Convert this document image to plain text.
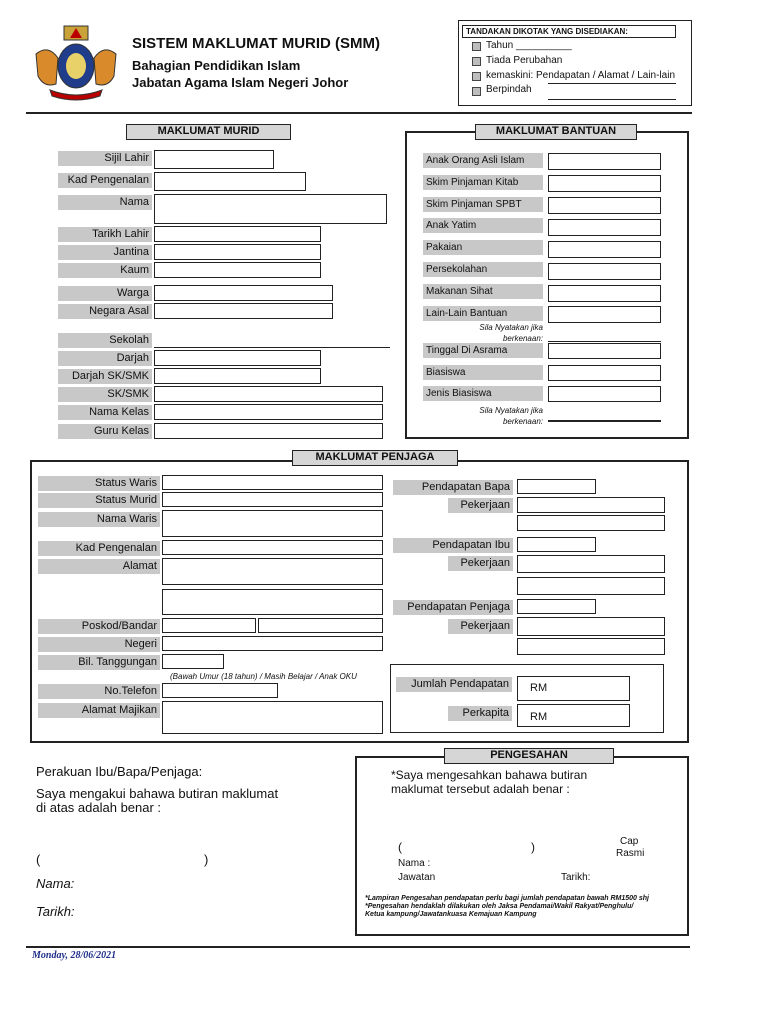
SISTEM MAKLUMAT MURID (SMM)
Bahagian Pendidikan Islam
Jabatan Agama Islam Negeri Johor
TANDAKAN DIKOTAK YANG DISEDIAKAN:
Tahun __________
Tiada Perubahan
kemaskini: Pendapatan / Alamat / Lain-lain
Berpindah
MAKLUMAT MURID
Sijil Lahir
Kad Pengenalan
Nama
Tarikh Lahir
Jantina
Kaum
Warga
Negara Asal
Sekolah
Darjah
Darjah SK/SMK
SK/SMK
Nama Kelas
Guru Kelas
MAKLUMAT BANTUAN
Anak Orang Asli Islam
Skim Pinjaman Kitab
Skim Pinjaman SPBT
Anak Yatim
Pakaian
Persekolahan
Makanan Sihat
Lain-Lain Bantuan
Sila Nyatakan jika
berkenaan:
Tinggal Di Asrama
Biasiswa
Jenis Biasiswa
Sila Nyatakan jika
berkenaan:
MAKLUMAT PENJAGA
Status Waris
Status Murid
Nama Waris
Kad Pengenalan
Alamat
Poskod/Bandar
Negeri
Bil. Tanggungan
(Bawah Umur (18 tahun) / Masih Belajar / Anak OKU
No.Telefon
Alamat Majikan
Pendapatan Bapa
Pekerjaan
Pendapatan Ibu
Pekerjaan
Pendapatan Penjaga
Pekerjaan
Jumlah Pendapatan RM
Perkapita RM
Perakuan Ibu/Bapa/Penjaga:
Saya mengakui bahawa butiran maklumat
di atas adalah benar :
(	)
Nama:
Tarikh:
PENGESAHAN
*Saya mengesahkan bahawa butiran
maklumat tersebut adalah benar :
(	)	Cap
Rasmi
Nama :
Jawatan	Tarikh:
*Lampiran Pengesahan pendapatan perlu bagi jumlah pendapatan bawah RM1500 shj
*Pengesahan hendaklah dilakukan oleh Jaksa Pendamai/Wakil Rakyat/Penghulu/
Ketua kampung/Jawatankuasa Kemajuan Kampung
Monday, 28/06/2021
